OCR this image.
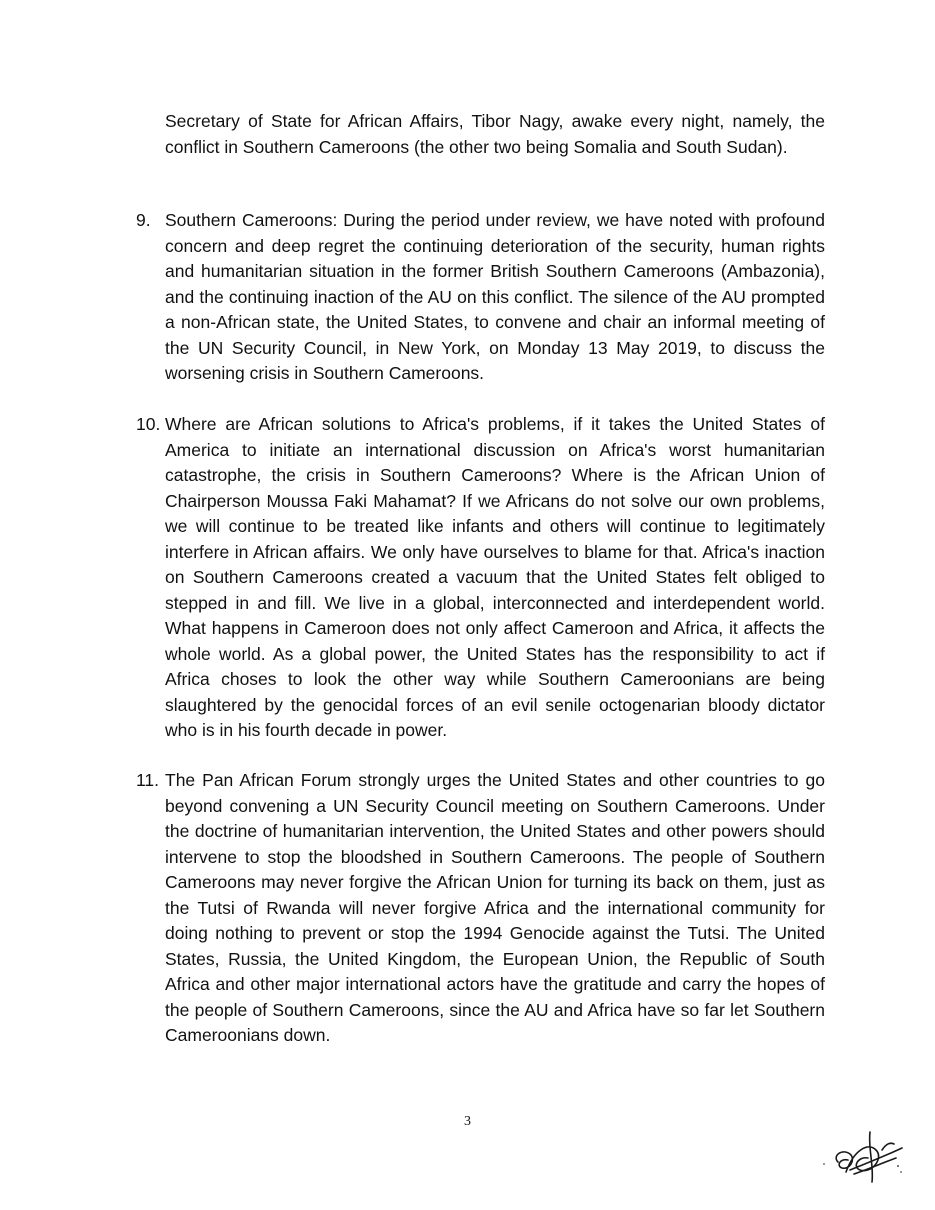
Secretary of State for African Affairs, Tibor Nagy, awake every night, namely, the conflict in Southern Cameroons (the other two being Somalia and South Sudan).

9. Southern Cameroons: During the period under review, we have noted with profound concern and deep regret the continuing deterioration of the security, human rights and humanitarian situation in the former British Southern Cameroons (Ambazonia), and the continuing inaction of the AU on this conflict. The silence of the AU prompted a non-African state, the United States, to convene and chair an informal meeting of the UN Security Council, in New York, on Monday 13 May 2019, to discuss the worsening crisis in Southern Cameroons.

10. Where are African solutions to Africa's problems, if it takes the United States of America to initiate an international discussion on Africa's worst humanitarian catastrophe, the crisis in Southern Cameroons? Where is the African Union of Chairperson Moussa Faki Mahamat? If we Africans do not solve our own problems, we will continue to be treated like infants and others will continue to legitimately interfere in African affairs. We only have ourselves to blame for that. Africa's inaction on Southern Cameroons created a vacuum that the United States felt obliged to stepped in and fill. We live in a global, interconnected and interdependent world. What happens in Cameroon does not only affect Cameroon and Africa, it affects the whole world. As a global power, the United States has the responsibility to act if Africa choses to look the other way while Southern Cameroonians are being slaughtered by the genocidal forces of an evil senile octogenarian bloody dictator who is in his fourth decade in power.

11. The Pan African Forum strongly urges the United States and other countries to go beyond convening a UN Security Council meeting on Southern Cameroons. Under the doctrine of humanitarian intervention, the United States and other powers should intervene to stop the bloodshed in Southern Cameroons. The people of Southern Cameroons may never forgive the African Union for turning its back on them, just as the Tutsi of Rwanda will never forgive Africa and the international community for doing nothing to prevent or stop the 1994 Genocide against the Tutsi. The United States, Russia, the United Kingdom, the European Union, the Republic of South Africa and other major international actors have the gratitude and carry the hopes of the people of Southern Cameroons, since the AU and Africa have so far let Southern Cameroonians down.

3
